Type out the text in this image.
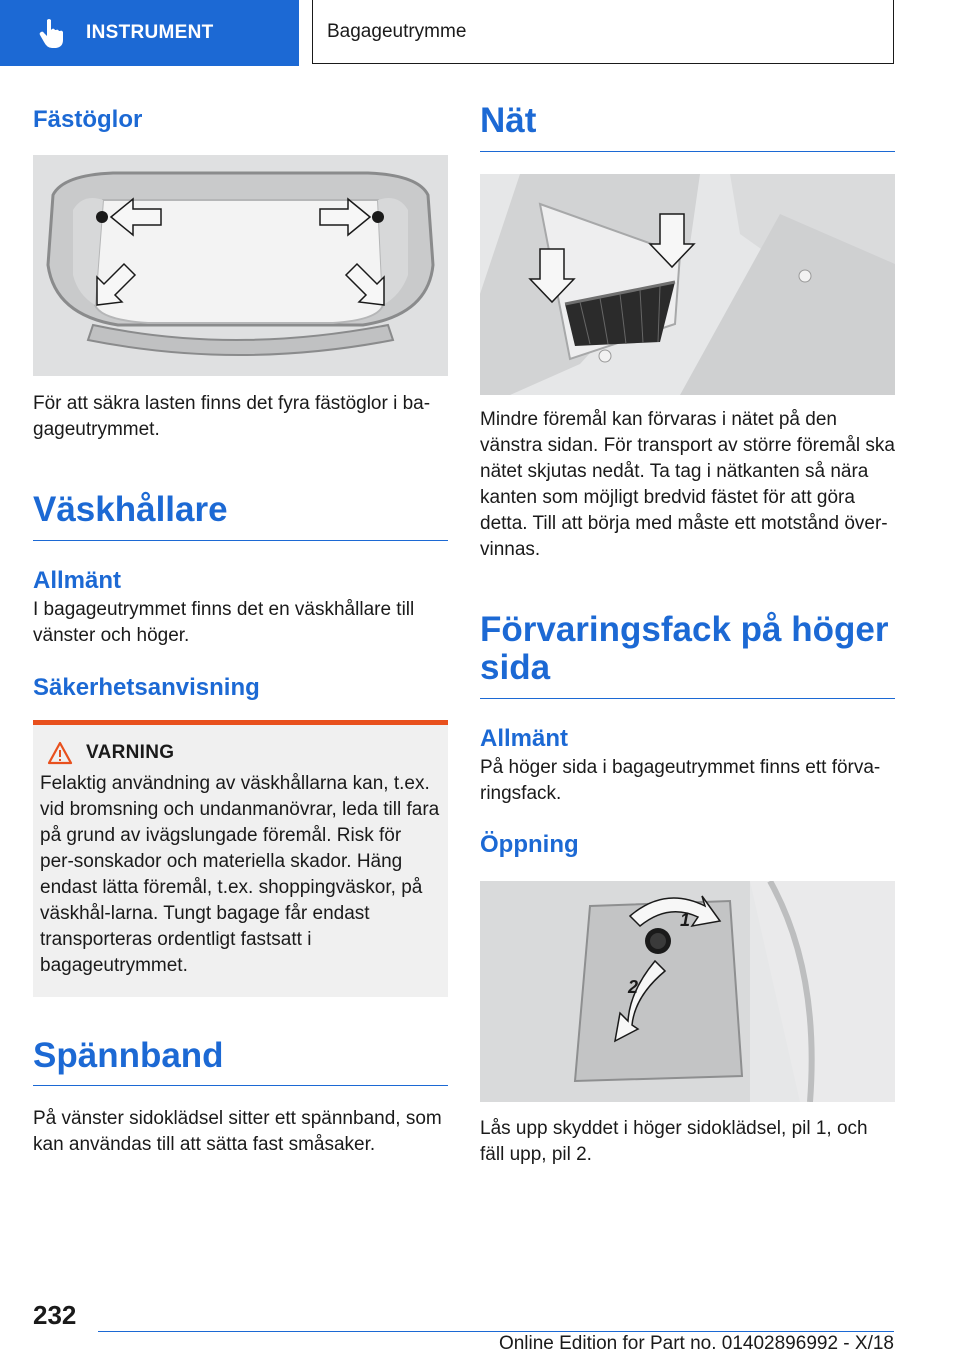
INSTRUMENT	Bagageutrymme
Fästöglor

För att säkra lasten finns det fyra fästöglor i ba-gageutrymmet.

Väskhållare
Allmänt

I bagageutrymmet finns det en väskhållare till vänster och höger.

Säkerhetsanvisning
VARNING

Felaktig användning av väskhållarna kan, t.ex. vid bromsning och undanmanövrar, leda till fara på grund av ivägslungade föremål. Risk för per-sonskador och materiella skador. Häng endast lätta föremål, t.ex. shoppingväskor, på väskhål-larna. Tungt bagage får endast transporteras ordentligt fastsatt i bagageutrymmet.

Spännband

På vänster sidoklädsel sitter ett spännband, som kan användas till att sätta fast småsaker.

Nät

Mindre föremål kan förvaras i nätet på den vänstra sidan. För transport av större föremål ska nätet skjutas nedåt. Ta tag i nätkanten så nära kanten som möjligt bredvid fästet för att göra detta. Till att börja med måste ett motstånd över-vinnas.

Förvaringsfack på höger sida
Allmänt

På höger sida i bagageutrymmet finns ett förva-ringsfack.

Öppning
1
2

Lås upp skyddet i höger sidoklädsel, pil 1, och fäll upp, pil 2.

232
Online Edition for Part no. 01402896992 - X/18
